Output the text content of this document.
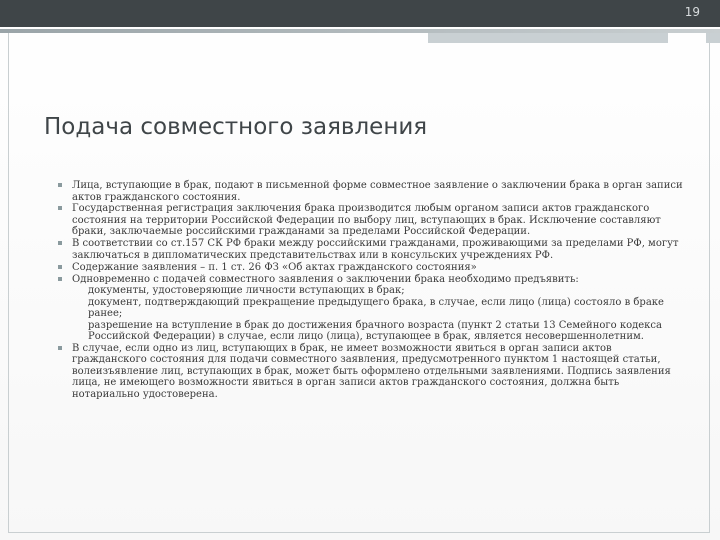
19
Подача совместного заявления
Лица, вступающие в брак, подают в письменной форме совместное заявление о заключении брака в орган записи актов гражданского состояния.
Государственная регистрация заключения брака производится любым органом записи актов гражданского состояния на территории Российской Федерации по выбору лиц, вступающих в брак. Исключение составляют браки, заключаемые российскими гражданами за пределами Российской Федерации.
В соответствии со ст.157 СК РФ браки между российскими гражданами, проживающими за пределами РФ, могут заключаться в дипломатических представительствах или в консульских учреждениях РФ.
Содержание заявления – п. 1 ст. 26 ФЗ «Об актах гражданского состояния»
Одновременно с подачей совместного заявления о заключении брака необходимо предъявить:
документы, удостоверяющие личности вступающих в брак;
документ, подтверждающий прекращение предыдущего брака, в случае, если лицо (лица) состояло в браке ранее;
разрешение на вступление в брак до достижения брачного возраста (пункт 2 статьи 13 Семейного кодекса Российской Федерации) в случае, если лицо (лица), вступающее в брак, является несовершеннолетним.
В случае, если одно из лиц, вступающих в брак, не имеет возможности явиться в орган записи актов гражданского состояния для подачи совместного заявления, предусмотренного пунктом 1 настоящей статьи, волеизъявление лиц, вступающих в брак, может быть оформлено отдельными заявлениями. Подпись заявления лица, не имеющего возможности явиться в орган записи актов гражданского состояния, должна быть нотариально удостоверена.
